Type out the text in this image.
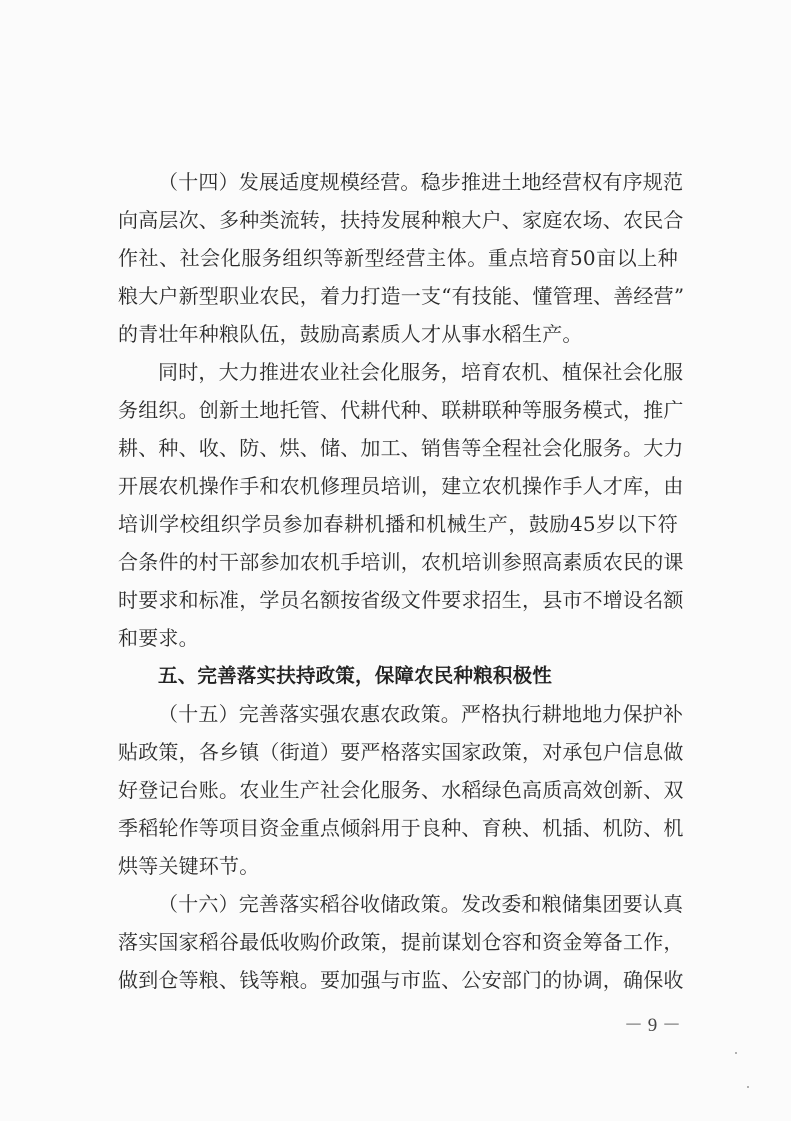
（十四）发展适度规模经营。稳步推进土地经营权有序规范
向高层次、多种类流转，扶持发展种粮大户、家庭农场、农民合
作社、社会化服务组织等新型经营主体。重点培育50亩以上种
粮大户新型职业农民，着力打造一支“有技能、懂管理、善经营”
的青壮年种粮队伍，鼓励高素质人才从事水稻生产。
同时，大力推进农业社会化服务，培育农机、植保社会化服
务组织。创新土地托管、代耕代种、联耕联种等服务模式，推广
耕、种、收、防、烘、储、加工、销售等全程社会化服务。大力
开展农机操作手和农机修理员培训，建立农机操作手人才库，由
培训学校组织学员参加春耕机播和机械生产，鼓励45岁以下符
合条件的村干部参加农机手培训，农机培训参照高素质农民的课
时要求和标准，学员名额按省级文件要求招生，县市不增设名额
和要求。
五、完善落实扶持政策，保障农民种粮积极性
（十五）完善落实强农惠农政策。严格执行耕地地力保护补
贴政策，各乡镇（街道）要严格落实国家政策，对承包户信息做
好登记台账。农业生产社会化服务、水稻绿色高质高效创新、双
季稻轮作等项目资金重点倾斜用于良种、育秧、机插、机防、机
烘等关键环节。
（十六）完善落实稻谷收储政策。发改委和粮储集团要认真
落实国家稻谷最低收购价政策，提前谋划仓容和资金筹备工作，
做到仓等粮、钱等粮。要加强与市监、公安部门的协调，确保收
－ 9 －
